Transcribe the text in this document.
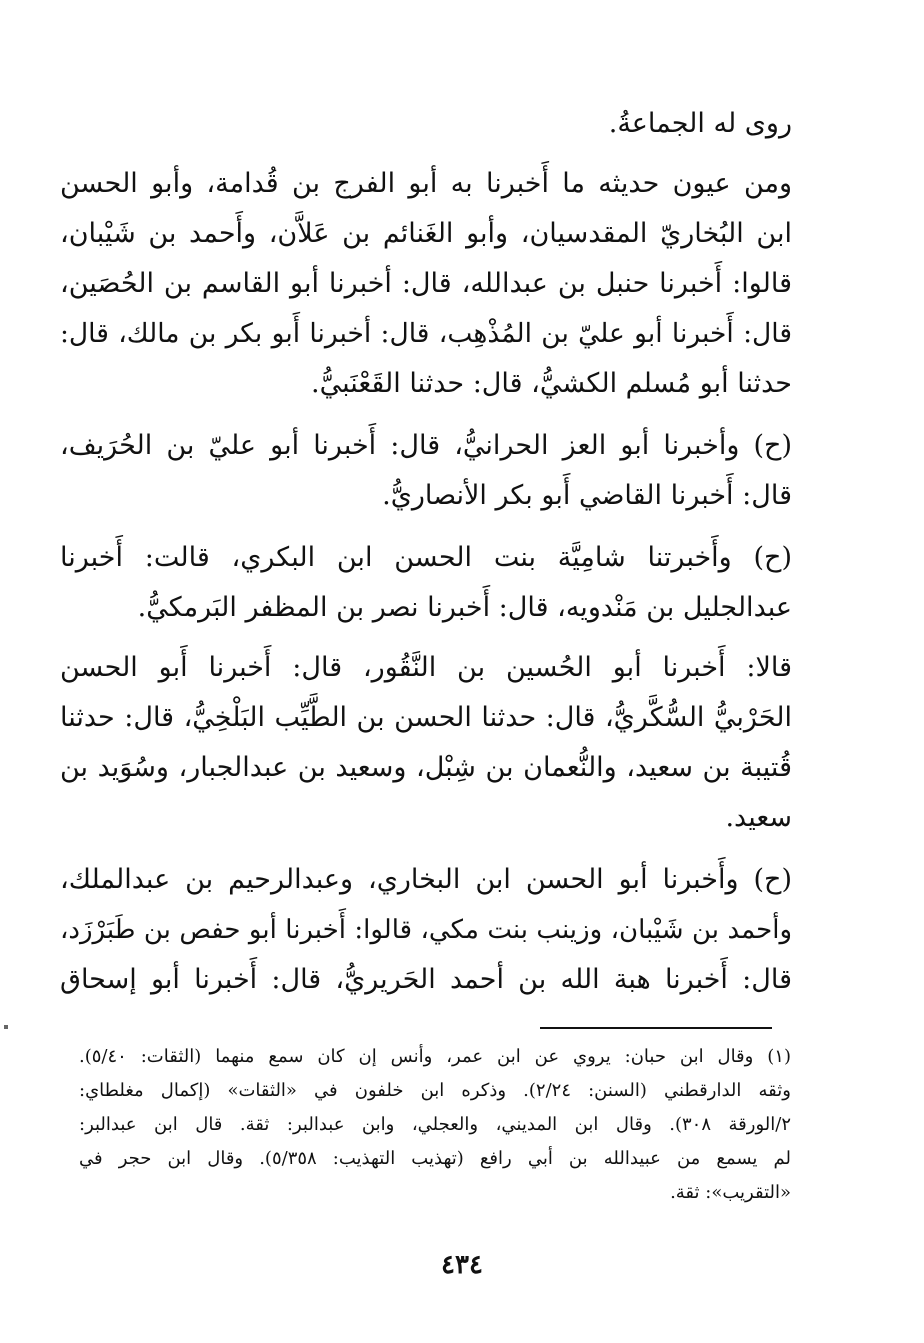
روى له الجماعةُ.
ومن عيون حديثه ما أَخبرنا به أبو الفرج بن قُدامة، وأبو الحسن
ابن البُخاريّ المقدسيان، وأبو الغَنائم بن عَلاَّن، وأَحمد بن شَيْبان،
قالوا: أَخبرنا حنبل بن عبدالله، قال: أخبرنا أبو القاسم بن الحُصَين،
قال: أَخبرنا أبو عليّ بن المُذْهِب، قال: أخبرنا أَبو بكر بن مالك، قال:
حدثنا أبو مُسلم الكشيُّ، قال: حدثنا القَعْنَبيُّ.
(ح) وأخبرنا أبو العز الحرانيُّ، قال: أَخبرنا أبو عليّ بن الحُرَيف،
قال: أَخبرنا القاضي أَبو بكر الأنصاريُّ.
(ح) وأَخبرتنا شامِيَّة بنت الحسن ابن البكري، قالت: أَخبرنا
عبدالجليل بن مَنْدويه، قال: أَخبرنا نصر بن المظفر البَرمكيُّ.
قالا: أَخبرنا أبو الحُسين بن النَّقُور، قال: أَخبرنا أَبو الحسن
الحَرْبيُّ السُّكَّريُّ، قال: حدثنا الحسن بن الطَّيِّب البَلْخِيُّ، قال: حدثنا
قُتيبة بن سعيد، والنُّعمان بن شِبْل، وسعيد بن عبدالجبار، وسُوَيد بن
سعيد.
(ح) وأَخبرنا أبو الحسن ابن البخاري، وعبدالرحيم بن عبدالملك،
وأحمد بن شَيْبان، وزينب بنت مكي، قالوا: أَخبرنا أبو حفص بن طَبَرْزَد،
قال: أَخبرنا هبة الله بن أحمد الحَريريُّ، قال: أَخبرنا أبو إسحاق
(١) وقال ابن حبان: يروي عن ابن عمر، وأنس إن كان سمع منهما (الثقات: ٥/٤٠).
وثقه الدارقطني (السنن: ٢/٢٤). وذكره ابن خلفون في «الثقات» (إكمال مغلطاي:
٢/الورقة ٣٠٨). وقال ابن المديني، والعجلي، وابن عبدالبر: ثقة. قال ابن عبدالبر:
لم يسمع من عبيدالله بن أبي رافع (تهذيب التهذيب: ٥/٣٥٨). وقال ابن حجر في
«التقريب»: ثقة.
٤٣٤
